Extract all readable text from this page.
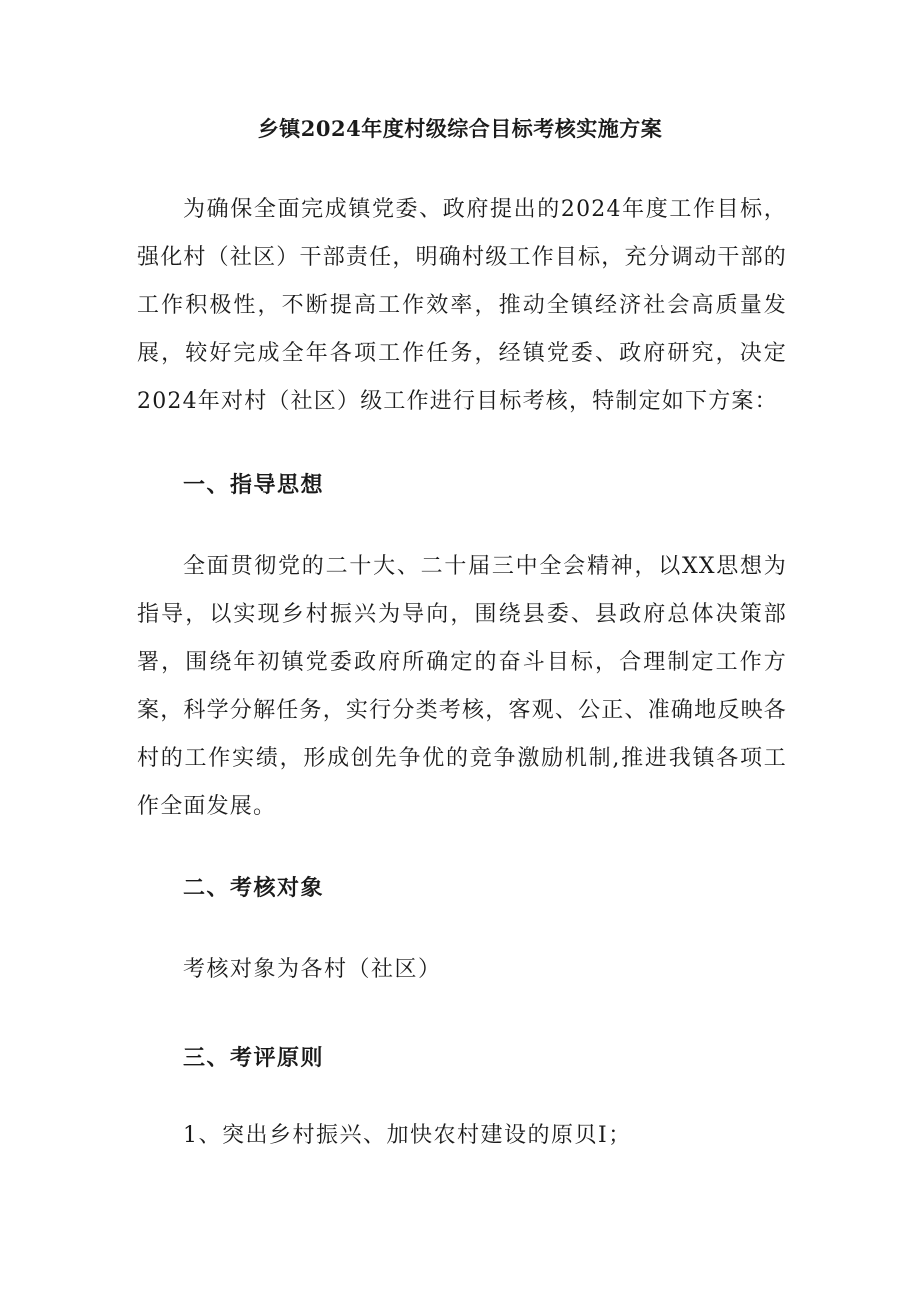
乡镇2024年度村级综合目标考核实施方案

为确保全面完成镇党委、政府提出的2024年度工作目标，强化村（社区）干部责任，明确村级工作目标，充分调动干部的工作积极性，不断提高工作效率，推动全镇经济社会高质量发展，较好完成全年各项工作任务，经镇党委、政府研究，决定2024年对村（社区）级工作进行目标考核，特制定如下方案：

一、指导思想

全面贯彻党的二十大、二十届三中全会精神，以XX思想为指导，以实现乡村振兴为导向，围绕县委、县政府总体决策部署，围绕年初镇党委政府所确定的奋斗目标，合理制定工作方案，科学分解任务，实行分类考核，客观、公正、准确地反映各村的工作实绩，形成创先争优的竞争激励机制,推进我镇各项工作全面发展。

二、考核对象

考核对象为各村（社区）

三、考评原则

1、突出乡村振兴、加快农村建设的原贝I；
